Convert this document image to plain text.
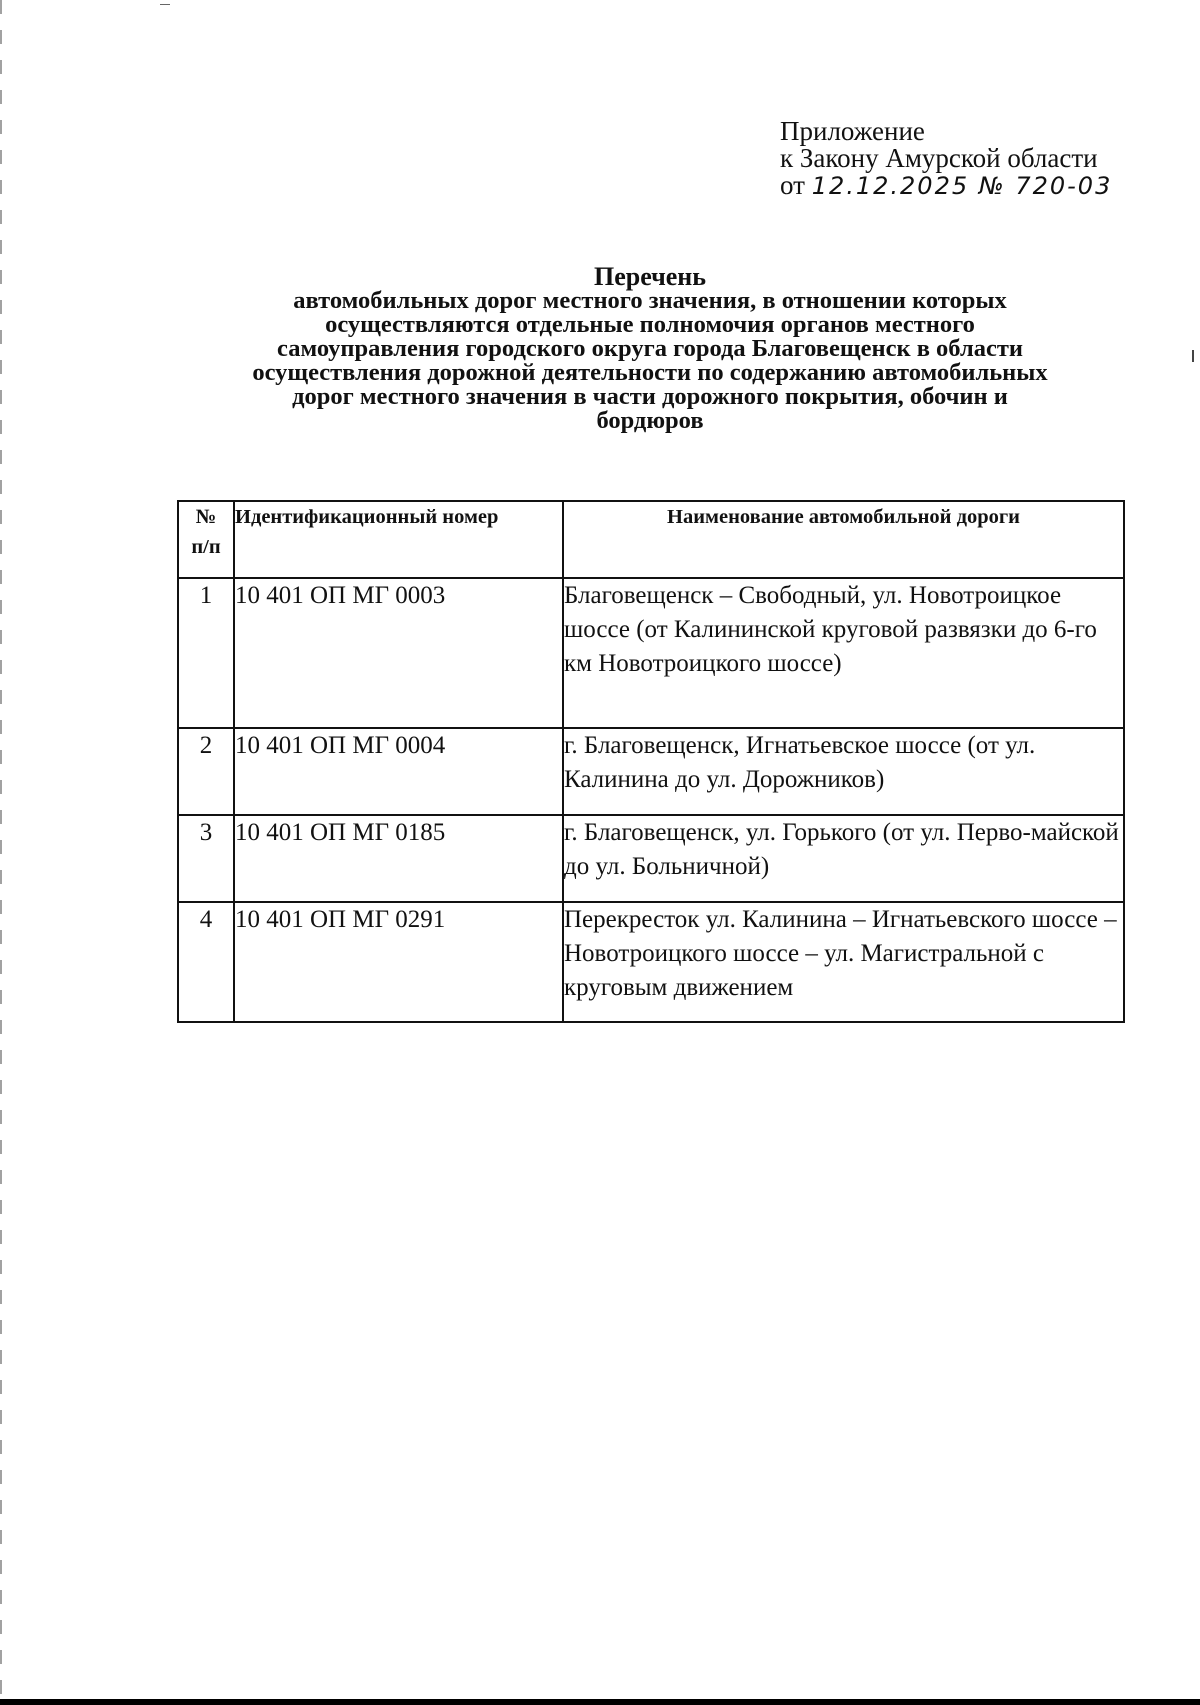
Приложение
к Закону Амурской области
от 12.12.2025 № 720-03
Перечень
автомобильных дорог местного значения, в отношении которых
осуществляются отдельные полномочия органов местного
самоуправления городского округа города Благовещенск в области
осуществления дорожной деятельности по содержанию автомобильных
дорог местного значения в части дорожного покрытия, обочин и
бордюров
№
п/п	Идентификационный номер	Наименование автомобильной дороги
1	10 401 ОП МГ 0003	Благовещенск – Свободный, ул. Новотроицкое шоссе (от Калининской круговой развязки до 6-го км Новотроицкого шоссе)
2	10 401 ОП МГ 0004	г. Благовещенск, Игнатьевское шоссе (от ул. Калинина до ул. Дорожников)
3	10 401 ОП МГ 0185	г. Благовещенск, ул. Горького (от ул. Перво-майской до ул. Больничной)
4	10 401 ОП МГ 0291	Перекресток ул. Калинина – Игнатьевского шоссе – Новотроицкого шоссе – ул. Магистральной с круговым движением
